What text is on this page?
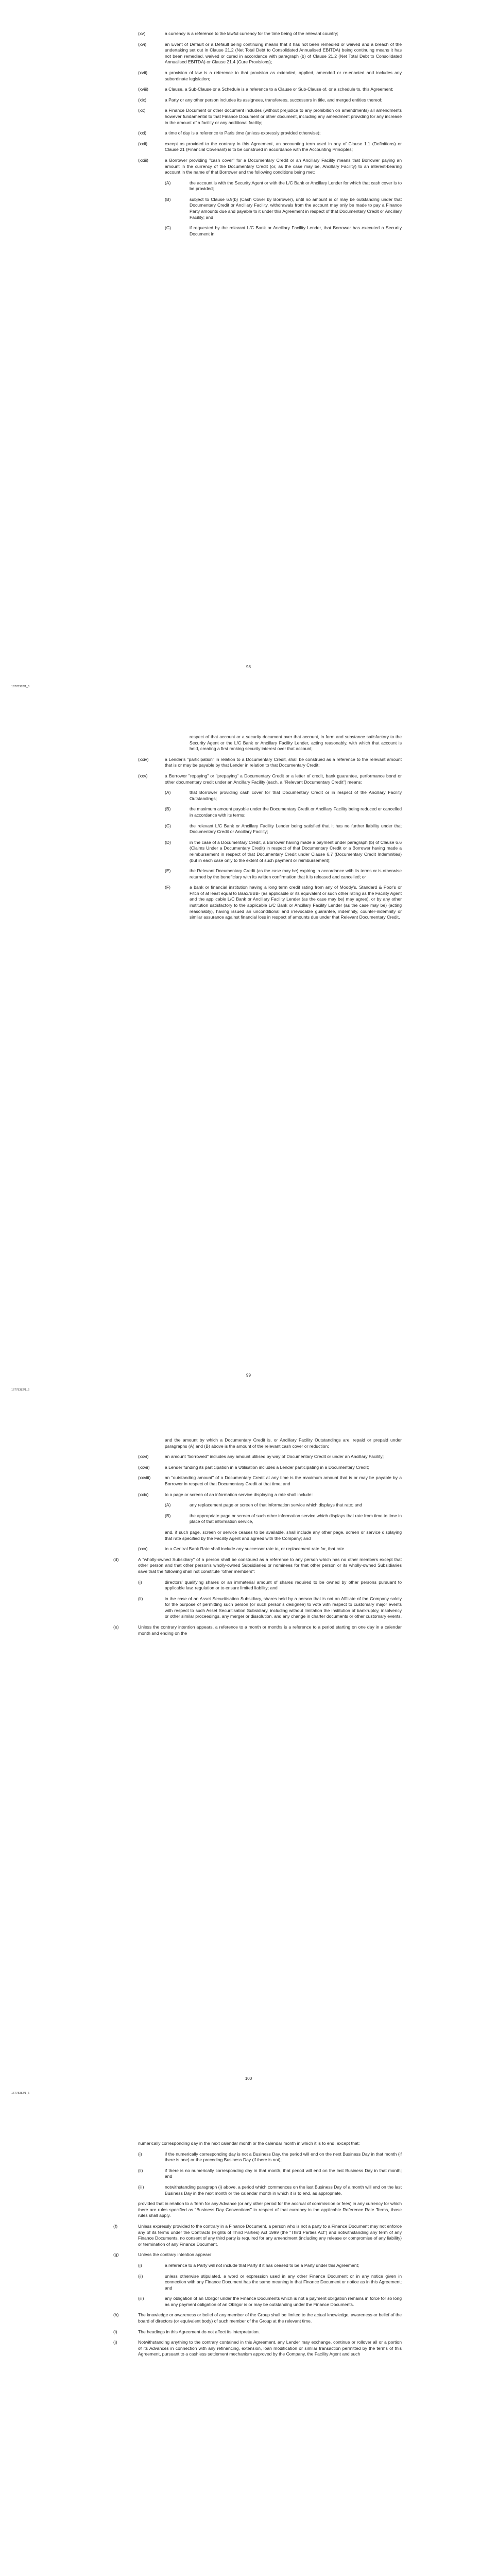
(xv)	a currency is a reference to the lawful currency for the time being of the relevant country;
(xvi)	an Event of Default or a Default being continuing means that it has not been remedied or waived and a breach of the undertaking set out in Clause 21.2 (Net Total Debt to Consolidated Annualised EBITDA) being continuing means it has not been remedied, waived or cured in accordance with paragraph (b) of Clause 21.2 (Net Total Debt to Consolidated Annualised EBITDA) or Clause 21.4 (Cure Provisions);
(xvii)	a provision of law is a reference to that provision as extended, applied, amended or re-enacted and includes any subordinate legislation;
(xviii)	a Clause, a Sub-Clause or a Schedule is a reference to a Clause or Sub-Clause of, or a schedule to, this Agreement;
(xix)	a Party or any other person includes its assignees, transferees, successors in title, and merged entities thereof;
(xx)	a Finance Document or other document includes (without prejudice to any prohibition on amendments) all amendments however fundamental to that Finance Document or other document, including any amendment providing for any increase in the amount of a facility or any additional facility;
(xxi)	a time of day is a reference to Paris time (unless expressly provided otherwise);
(xxii)	except as provided to the contrary in this Agreement, an accounting term used in any of Clause 1.1 (Definitions) or Clause 21 (Financial Covenant) is to be construed in accordance with the Accounting Principles;
(xxiii)	a Borrower providing "cash cover" for a Documentary Credit or an Ancillary Facility means that Borrower paying an amount in the currency of the Documentary Credit (or, as the case may be, Ancillary Facility) to an interest-bearing account in the name of that Borrower and the following conditions being met:
(A)	the account is with the Security Agent or with the L/C Bank or Ancillary Lender for which that cash cover is to be provided;
(B)	subject to Clause 6.9(b) (Cash Cover by Borrower), until no amount is or may be outstanding under that Documentary Credit or Ancillary Facility, withdrawals from the account may only be made to pay a Finance Party amounts due and payable to it under this Agreement in respect of that Documentary Credit or Ancillary Facility; and
(C)	if requested by the relevant L/C Bank or Ancillary Facility Lender, that Borrower has executed a Security Document in
98
16778382/1_6
respect of that account or a security document over that account, in form and substance satisfactory to the Security Agent or the L/C Bank or Ancillary Facility Lender, acting reasonably, with which that account is held, creating a first ranking security interest over that account;
(xxiv)	a Lender's "participation" in relation to a Documentary Credit, shall be construed as a reference to the relevant amount that is or may be payable by that Lender in relation to that Documentary Credit;
(xxv)	a Borrower "repaying" or "prepaying" a Documentary Credit or a letter of credit, bank guarantee, performance bond or other documentary credit under an Ancillary Facility (each, a "Relevant Documentary Credit") means:
(A)	that Borrower providing cash cover for that Documentary Credit or in respect of the Ancillary Facility Outstandings;
(B)	the maximum amount payable under the Documentary Credit or Ancillary Facility being reduced or cancelled in accordance with its terms;
(C)	the relevant L/C Bank or Ancillary Facility Lender being satisfied that it has no further liability under that Documentary Credit or Ancillary Facility;
(D)	in the case of a Documentary Credit, a Borrower having made a payment under paragraph (b) of Clause 6.6 (Claims Under a Documentary Credit) in respect of that Documentary Credit or a Borrower having made a reimbursement in respect of that Documentary Credit under Clause 6.7 (Documentary Credit Indemnities) (but in each case only to the extent of such payment or reimbursement);
(E)	the Relevant Documentary Credit (as the case may be) expiring in accordance with its terms or is otherwise returned by the beneficiary with its written confirmation that it is released and cancelled; or
(F)	a bank or financial institution having a long term credit rating from any of Moody's, Standard & Poor's or Fitch of at least equal to Baa3/BBB- (as applicable or its equivalent or such other rating as the Facility Agent and the applicable L/C Bank or Ancillary Facility Lender (as the case may be) may agree), or by any other institution satisfactory to the applicable L/C Bank or Ancillary Facility Lender (as the case may be) (acting reasonably), having issued an unconditional and irrevocable guarantee, indemnity, counter-indemnity or similar assurance against financial loss in respect of amounts due under that Relevant Documentary Credit,
99
16778382/1_6
and the amount by which a Documentary Credit is, or Ancillary Facility Outstandings are, repaid or prepaid under paragraphs (A) and (B) above is the amount of the relevant cash cover or reduction;
(xxvi)	an amount "borrowed" includes any amount utilised by way of Documentary Credit or under an Ancillary Facility;
(xxvii)	a Lender funding its participation in a Utilisation includes a Lender participating in a Documentary Credit;
(xxviii)	an "outstanding amount" of a Documentary Credit at any time is the maximum amount that is or may be payable by a Borrower in respect of that Documentary Credit at that time; and
(xxix)	to a page or screen of an information service displaying a rate shall include:
(A)	any replacement page or screen of that information service which displays that rate; and
(B)	the appropriate page or screen of such other information service which displays that rate from time to time in place of that information service,
and, if such page, screen or service ceases to be available, shall include any other page, screen or service displaying that rate specified by the Facility Agent and agreed with the Company; and
(xxx)	to a Central Bank Rate shall include any successor rate to, or replacement rate for, that rate.
(d)	A "wholly-owned Subsidiary" of a person shall be construed as a reference to any person which has no other members except that other person and that other person's wholly-owned Subsidiaries or nominees for that other person or its wholly-owned Subsidiaries save that the following shall not constitute "other members":
(i)	directors' qualifying shares or an immaterial amount of shares required to be owned by other persons pursuant to applicable law, regulation or to ensure limited liability; and
(ii)	in the case of an Asset Securitisation Subsidiary, shares held by a person that is not an Affiliate of the Company solely for the purpose of permitting such person (or such person's designee) to vote with respect to customary major events with respect to such Asset Securitisation Subsidiary, including without limitation the institution of bankruptcy, insolvency or other similar proceedings, any merger or dissolution, and any change in charter documents or other customary events.
(e)	Unless the contrary intention appears, a reference to a month or months is a reference to a period starting on one day in a calendar month and ending on the
100
16778382/1_6
numerically corresponding day in the next calendar month or the calendar month in which it is to end, except that:
(i)	if the numerically corresponding day is not a Business Day, the period will end on the next Business Day in that month (if there is one) or the preceding Business Day (if there is not);
(ii)	if there is no numerically corresponding day in that month, that period will end on the last Business Day in that month; and
(iii)	notwithstanding paragraph (i) above, a period which commences on the last Business Day of a month will end on the last Business Day in the next month or the calendar month in which it is to end, as appropriate,
provided that in relation to a Term for any Advance (or any other period for the accrual of commission or fees) in any currency for which there are rules specified as "Business Day Conventions" in respect of that currency in the applicable Reference Rate Terms, those rules shall apply.
(f)	Unless expressly provided to the contrary in a Finance Document, a person who is not a party to a Finance Document may not enforce any of its terms under the Contracts (Rights of Third Parties) Act 1999 (the "Third Parties Act") and notwithstanding any term of any Finance Documents, no consent of any third party is required for any amendment (including any release or compromise of any liability) or termination of any Finance Document.
(g)	Unless the contrary intention appears:
(i)	a reference to a Party will not include that Party if it has ceased to be a Party under this Agreement;
(ii)	unless otherwise stipulated, a word or expression used in any other Finance Document or in any notice given in connection with any Finance Document has the same meaning in that Finance Document or notice as in this Agreement; and
(iii)	any obligation of an Obligor under the Finance Documents which is not a payment obligation remains in force for so long as any payment obligation of an Obligor is or may be outstanding under the Finance Documents.
(h)	The knowledge or awareness or belief of any member of the Group shall be limited to the actual knowledge, awareness or belief of the board of directors (or equivalent body) of such member of the Group at the relevant time.
(i)	The headings in this Agreement do not affect its interpretation.
(j)	Notwithstanding anything to the contrary contained in this Agreement, any Lender may exchange, continue or rollover all or a portion of its Advances in connection with any refinancing, extension, loan modification or similar transaction permitted by the terms of this Agreement, pursuant to a cashless settlement mechanism approved by the Company, the Facility Agent and such
